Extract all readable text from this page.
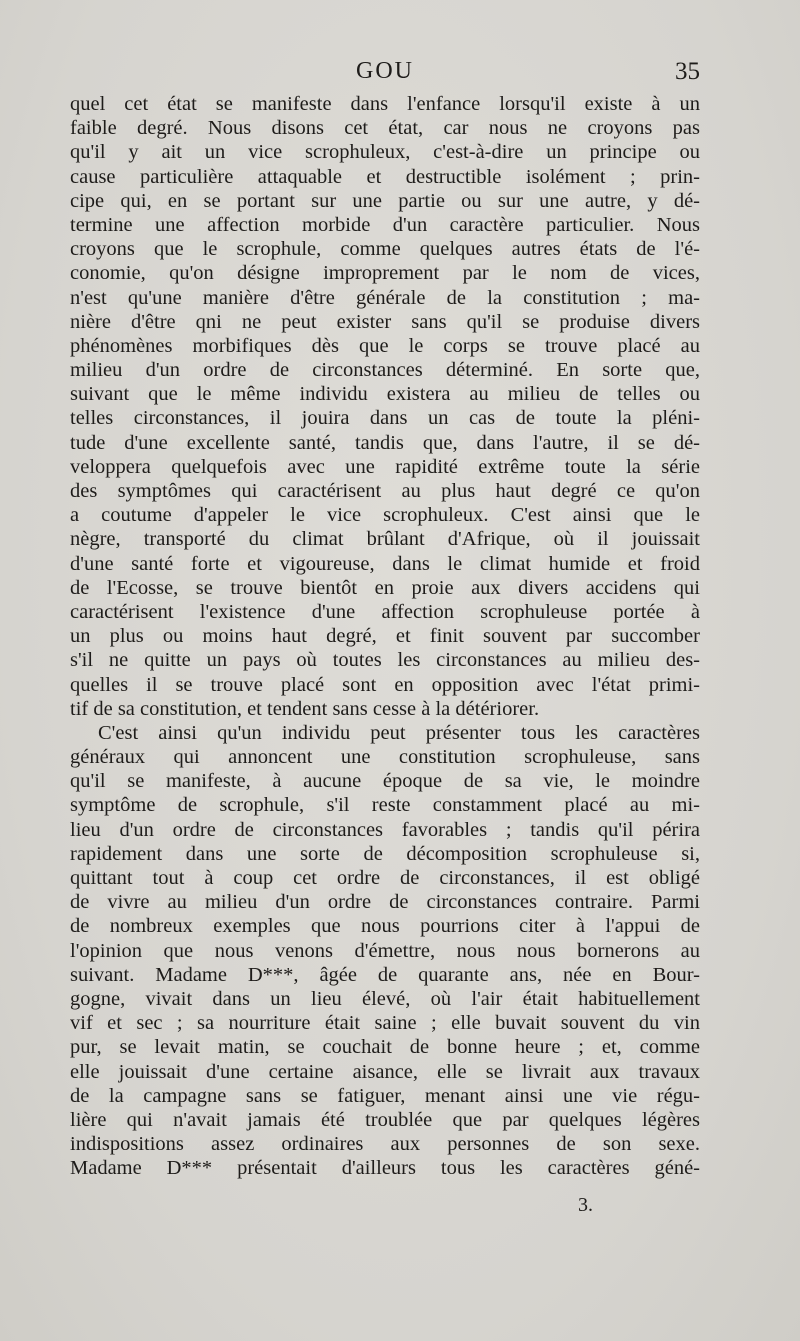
GOU	35
quel cet état se manifeste dans l'enfance lorsqu'il existe à un
faible degré. Nous disons cet état, car nous ne croyons pas
qu'il y ait un vice scrophuleux, c'est-à-dire un principe ou
cause particulière attaquable et destructible isolément ; prin-
cipe qui, en se portant sur une partie ou sur une autre, y dé-
termine une affection morbide d'un caractère particulier. Nous
croyons que le scrophule, comme quelques autres états de l'é-
conomie, qu'on désigne improprement par le nom de vices,
n'est qu'une manière d'être générale de la constitution ; ma-
nière d'être qni ne peut exister sans qu'il se produise divers
phénomènes morbifiques dès que le corps se trouve placé au
milieu d'un ordre de circonstances déterminé. En sorte que,
suivant que le même individu existera au milieu de telles ou
telles circonstances, il jouira dans un cas de toute la pléni-
tude d'une excellente santé, tandis que, dans l'autre, il se dé-
veloppera quelquefois avec une rapidité extrême toute la série
des symptômes qui caractérisent au plus haut degré ce qu'on
a coutume d'appeler le vice scrophuleux. C'est ainsi que le
nègre, transporté du climat brûlant d'Afrique, où il jouissait
d'une santé forte et vigoureuse, dans le climat humide et froid
de l'Ecosse, se trouve bientôt en proie aux divers accidens qui
caractérisent l'existence d'une affection scrophuleuse portée à
un plus ou moins haut degré, et finit souvent par succomber
s'il ne quitte un pays où toutes les circonstances au milieu des-
quelles il se trouve placé sont en opposition avec l'état primi-
tif de sa constitution, et tendent sans cesse à la détériorer.
C'est ainsi qu'un individu peut présenter tous les caractères
généraux qui annoncent une constitution scrophuleuse, sans
qu'il se manifeste, à aucune époque de sa vie, le moindre
symptôme de scrophule, s'il reste constamment placé au mi-
lieu d'un ordre de circonstances favorables ; tandis qu'il périra
rapidement dans une sorte de décomposition scrophuleuse si,
quittant tout à coup cet ordre de circonstances, il est obligé
de vivre au milieu d'un ordre de circonstances contraire. Parmi
de nombreux exemples que nous pourrions citer à l'appui de
l'opinion que nous venons d'émettre, nous nous bornerons au
suivant. Madame D***, âgée de quarante ans, née en Bour-
gogne, vivait dans un lieu élevé, où l'air était habituellement
vif et sec ; sa nourriture était saine ; elle buvait souvent du vin
pur, se levait matin, se couchait de bonne heure ; et, comme
elle jouissait d'une certaine aisance, elle se livrait aux travaux
de la campagne sans se fatiguer, menant ainsi une vie régu-
lière qui n'avait jamais été troublée que par quelques légères
indispositions assez ordinaires aux personnes de son sexe.
Madame D*** présentait d'ailleurs tous les caractères géné-
3.
